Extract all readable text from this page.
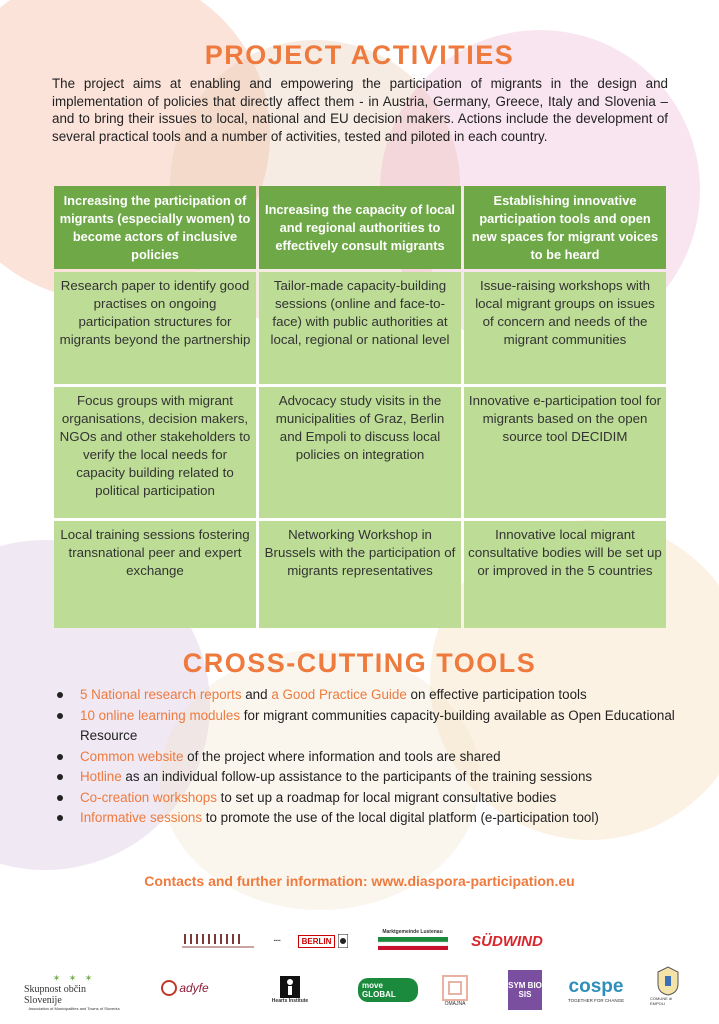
PROJECT ACTIVITIES

The project aims at enabling and empowering the participation of migrants in the design and implementation of policies that directly affect them - in Austria, Germany, Greece, Italy and Slovenia – and to bring their issues to local, national and EU decision makers. Actions include the development of several practical tools and a number of activities, tested and piloted in each country.

Increasing the participation of migrants (especially women) to become actors of inclusive policies	Increasing the capacity of local and regional authorities to effectively consult migrants	Establishing innovative participation tools and open new spaces for migrant voices to be heard
Research paper to identify good practises on ongoing participation structures for migrants beyond the partnership	Tailor-made capacity-building sessions (online and face-to-face) with public authorities at local, regional or national level	Issue-raising workshops with local migrant groups on issues of concern and needs of the migrant communities
Focus groups with migrant organisations, decision makers, NGOs and other stakeholders to verify the local needs for capacity building related to political participation	Advocacy study visits in the municipalities of Graz, Berlin and Empoli to discuss local policies on integration	Innovative e-participation tool for migrants based on the open source tool DECIDIM
Local training sessions fostering transnational peer and expert exchange	Networking Workshop in Brussels with the participation of migrants representatives	Innovative local migrant consultative bodies will be set up or improved in the 5 countries
CROSS-CUTTING TOOLS
5 National research reports and a Good Practice Guide on effective participation tools
10 online learning modules for migrant communities capacity-building available as Open Educational Resource
Common website of the project where information and tools are shared
Hotline as an individual follow-up assistance to the participants of the training sessions
Co-creation workshops to set up a roadmap for local migrant consultative bodies
Informative sessions to promote the use of the local digital platform (e-participation tool)
Contacts and further information: www.diaspora-participation.eu
▪▪▪▪	BERLIN
Marktgemeinde Lustenau
SÜDWIND
✶ ✶ ✶
Skupnost občin Slovenije
Association of Municipalities and Towns of Slovenia
adyfe
Hearts Institute
move GLOBAL
OMAJNA
SYM BIO SIS	cospe
TOGETHER FOR CHANGE	COMUNE di EMPOLI
